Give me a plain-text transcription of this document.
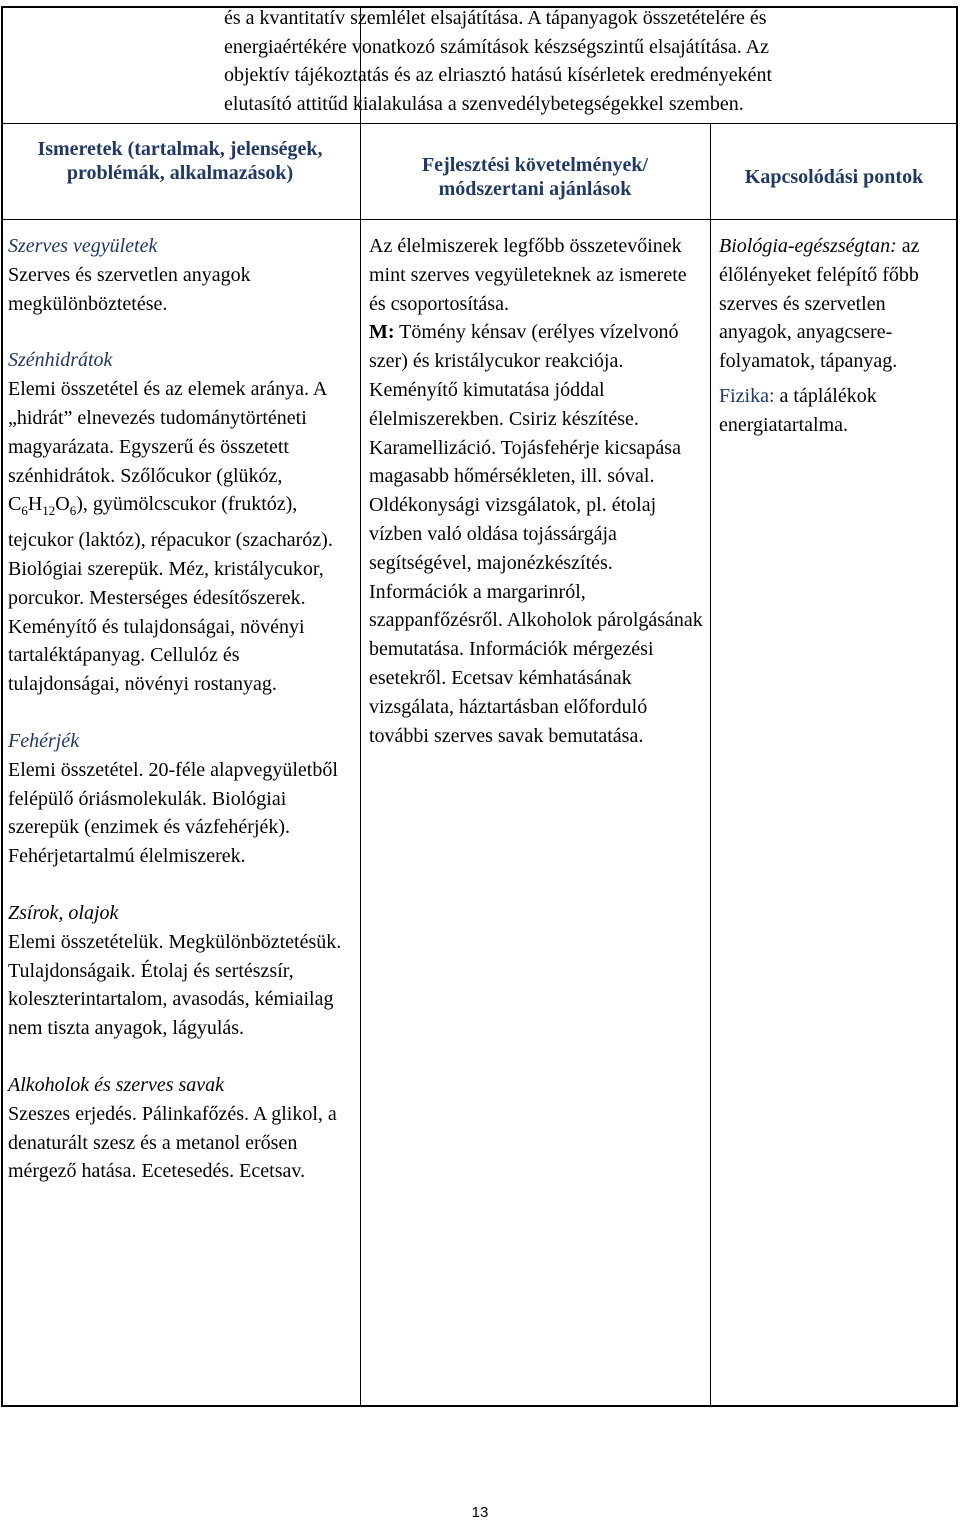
és a kvantitatív szemlélet elsajátítása. A tápanyagok összetételére és
energiaértékére vonatkozó számítások készségszintű elsajátítása. Az
objektív tájékoztatás és az elriasztó hatású kísérletek eredményeként
elutasító attitűd kialakulása a szenvedélybetegségekkel szemben.
Ismeretek (tartalmak, jelenségek, problémák, alkalmazások)	Fejlesztési követelmények/ módszertani ajánlások
Kapcsolódási pontok

Szerves vegyületek

Szerves és szervetlen anyagok megkülönböztetése.

Szénhidrátok

Elemi összetétel és az elemek aránya. A „hidrát” elnevezés tudománytörténeti magyarázata. Egyszerű és összetett szénhidrátok. Szőlőcukor (glükóz, $C_6H_{12}O_6$), gyümölcscukor (fruktóz), tejcukor (laktóz), répacukor (szacharóz). Biológiai szerepük. Méz, kristálycukor, porcukor. Mesterséges édesítőszerek. Keményítő és tulajdonságai, növényi tartaléktápanyag. Cellulóz és tulajdonságai, növényi rostanyag.

Fehérjék

Elemi összetétel. 20-féle alapvegyületből felépülő óriásmolekulák. Biológiai szerepük (enzimek és vázfehérjék). Fehérjetartalmú élelmiszerek.

Zsírok, olajok

Elemi összetételük. Megkülönböztetésük. Tulajdonságaik. Étolaj és sertészsír, koleszterintartalom, avasodás, kémiailag nem tiszta anyagok, lágyulás.

Alkoholok és szerves savak

Szeszes erjedés. Pálinkafőzés. A glikol, a denaturált szesz és a metanol erősen mérgező hatása. Ecetesedés. Ecetsav.

Az élelmiszerek legfőbb összetevőinek mint szerves vegyületeknek az ismerete és csoportosítása.
M: Tömény kénsav (erélyes vízelvonó szer) és kristálycukor reakciója. Keményítő kimutatása jóddal élelmiszerekben. Csiriz készítése. Karamellizáció. Tojásfehérje kicsapása magasabb hőmérsékleten, ill. sóval. Oldékonysági vizsgálatok, pl. étolaj vízben való oldása tojássárgája segítségével, majonézkészítés. Információk a margarinról, szappanfőzésről. Alkoholok párolgásának bemutatása. Információk mérgezési esetekről. Ecetsav kémhatásának vizsgálata, háztartásban előforduló további szerves savak bemutatása.

Biológia-egészségtan: az élőlényeket felépítő főbb szerves és szervetlen anyagok, anyagcsere-folyamatok, tápanyag.

Fizika: a táplálékok energiatartalma.

13
